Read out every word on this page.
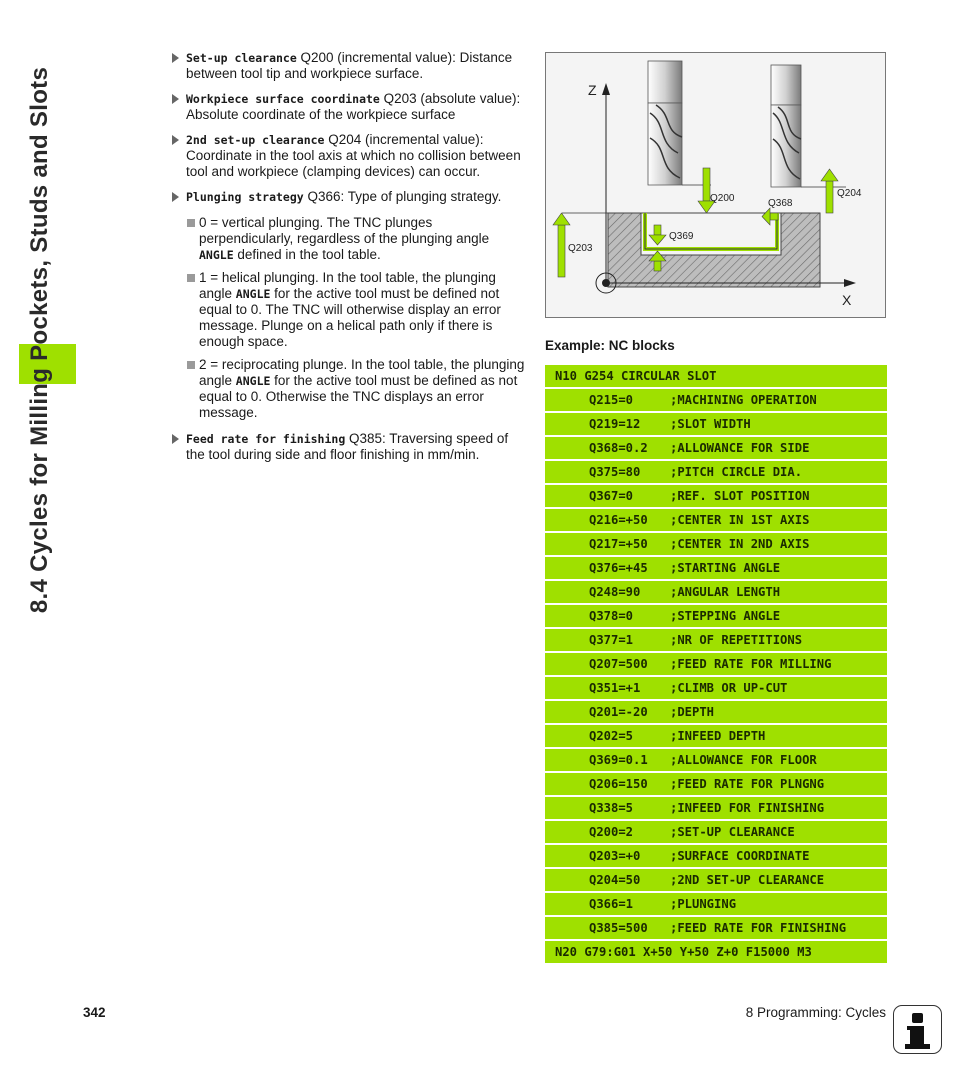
8.4 Cycles for Milling Pockets, Studs and Slots
Set-up clearance Q200 (incremental value): Distance between tool tip and workpiece surface.
Workpiece surface coordinate Q203 (absolute value): Absolute coordinate of the workpiece surface
2nd set-up clearance Q204 (incremental value): Coordinate in the tool axis at which no collision between tool and workpiece (clamping devices) can occur.
Plunging strategy Q366: Type of plunging strategy.
0 = vertical plunging. The TNC plunges perpendicularly, regardless of the plunging angle ANGLE defined in the tool table.
1 = helical plunging. In the tool table, the plunging angle ANGLE for the active tool must be defined not equal to 0. The TNC will otherwise display an error message. Plunge on a helical path only if there is enough space.
2 = reciprocating plunge. In the tool table, the plunging angle ANGLE for the active tool must be defined as not equal to 0. Otherwise the TNC displays an error message.
Feed rate for finishing Q385: Traversing speed of the tool during side and floor finishing in mm/min.
Z
X
Q200	Q204
Q368
Q369
Q203
Example: NC blocks
N10 G254 CIRCULAR SLOT
Q215=0	;MACHINING OPERATION
Q219=12 ;SLOT WIDTH
Q368=0.2 ;ALLOWANCE FOR SIDE
Q375=80 ;PITCH CIRCLE DIA.
Q367=0	;REF. SLOT POSITION
Q216=+50 ;CENTER IN 1ST AXIS
Q217=+50 ;CENTER IN 2ND AXIS
Q376=+45 ;STARTING ANGLE
Q248=90 ;ANGULAR LENGTH
Q378=0	;STEPPING ANGLE
Q377=1	;NR OF REPETITIONS
Q207=500 ;FEED RATE FOR MILLING
Q351=+1 ;CLIMB OR UP-CUT
Q201=-20 ;DEPTH
Q202=5	;INFEED DEPTH
Q369=0.1 ;ALLOWANCE FOR FLOOR
Q206=150 ;FEED RATE FOR PLNGNG
Q338=5	;INFEED FOR FINISHING
Q200=2	;SET-UP CLEARANCE
Q203=+0 ;SURFACE COORDINATE
Q204=50 ;2ND SET-UP CLEARANCE
Q366=1	;PLUNGING
Q385=500 ;FEED RATE FOR FINISHING
N20 G79:G01 X+50 Y+50 Z+0 F15000 M3
342	8 Programming: Cycles
